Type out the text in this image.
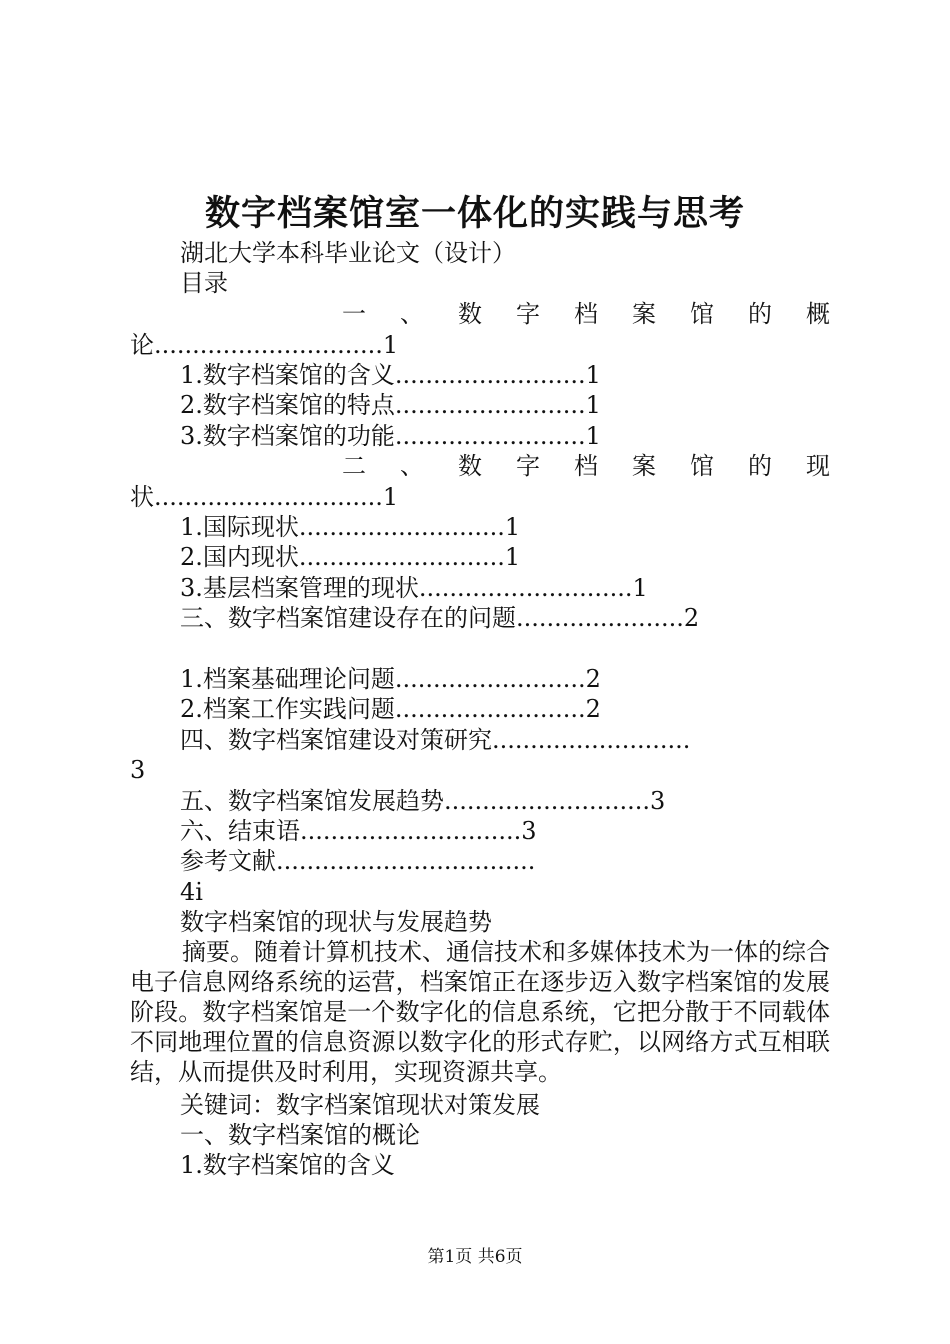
数字档案馆室一体化的实践与思考
湖北大学本科毕业论文（设计）
目录
一 、 数 字 档 案 馆 的 概
论..............................1
1.数字档案馆的含义.........................1
2.数字档案馆的特点.........................1
3.数字档案馆的功能.........................1
二 、 数 字 档 案 馆 的 现
状..............................1
1.国际现状...........................1
2.国内现状...........................1
3.基层档案管理的现状............................1
三、数字档案馆建设存在的问题......................2
1.档案基础理论问题.........................2
2.档案工作实践问题.........................2
四、数字档案馆建设对策研究..........................
3
五、数字档案馆发展趋势...........................3
六、结束语.............................3
参考文献..................................
4i
数字档案馆的现状与发展趋势
摘要。随着计算机技术、通信技术和多媒体技术为一体的综合电子信息网络系统的运营，档案馆正在逐步迈入数字档案馆的发展阶段。数字档案馆是一个数字化的信息系统，它把分散于不同载体不同地理位置的信息资源以数字化的形式存贮，以网络方式互相联结，从而提供及时利用，实现资源共享。
关键词：数字档案馆现状对策发展
一、数字档案馆的概论
1.数字档案馆的含义
第1页 共6页
